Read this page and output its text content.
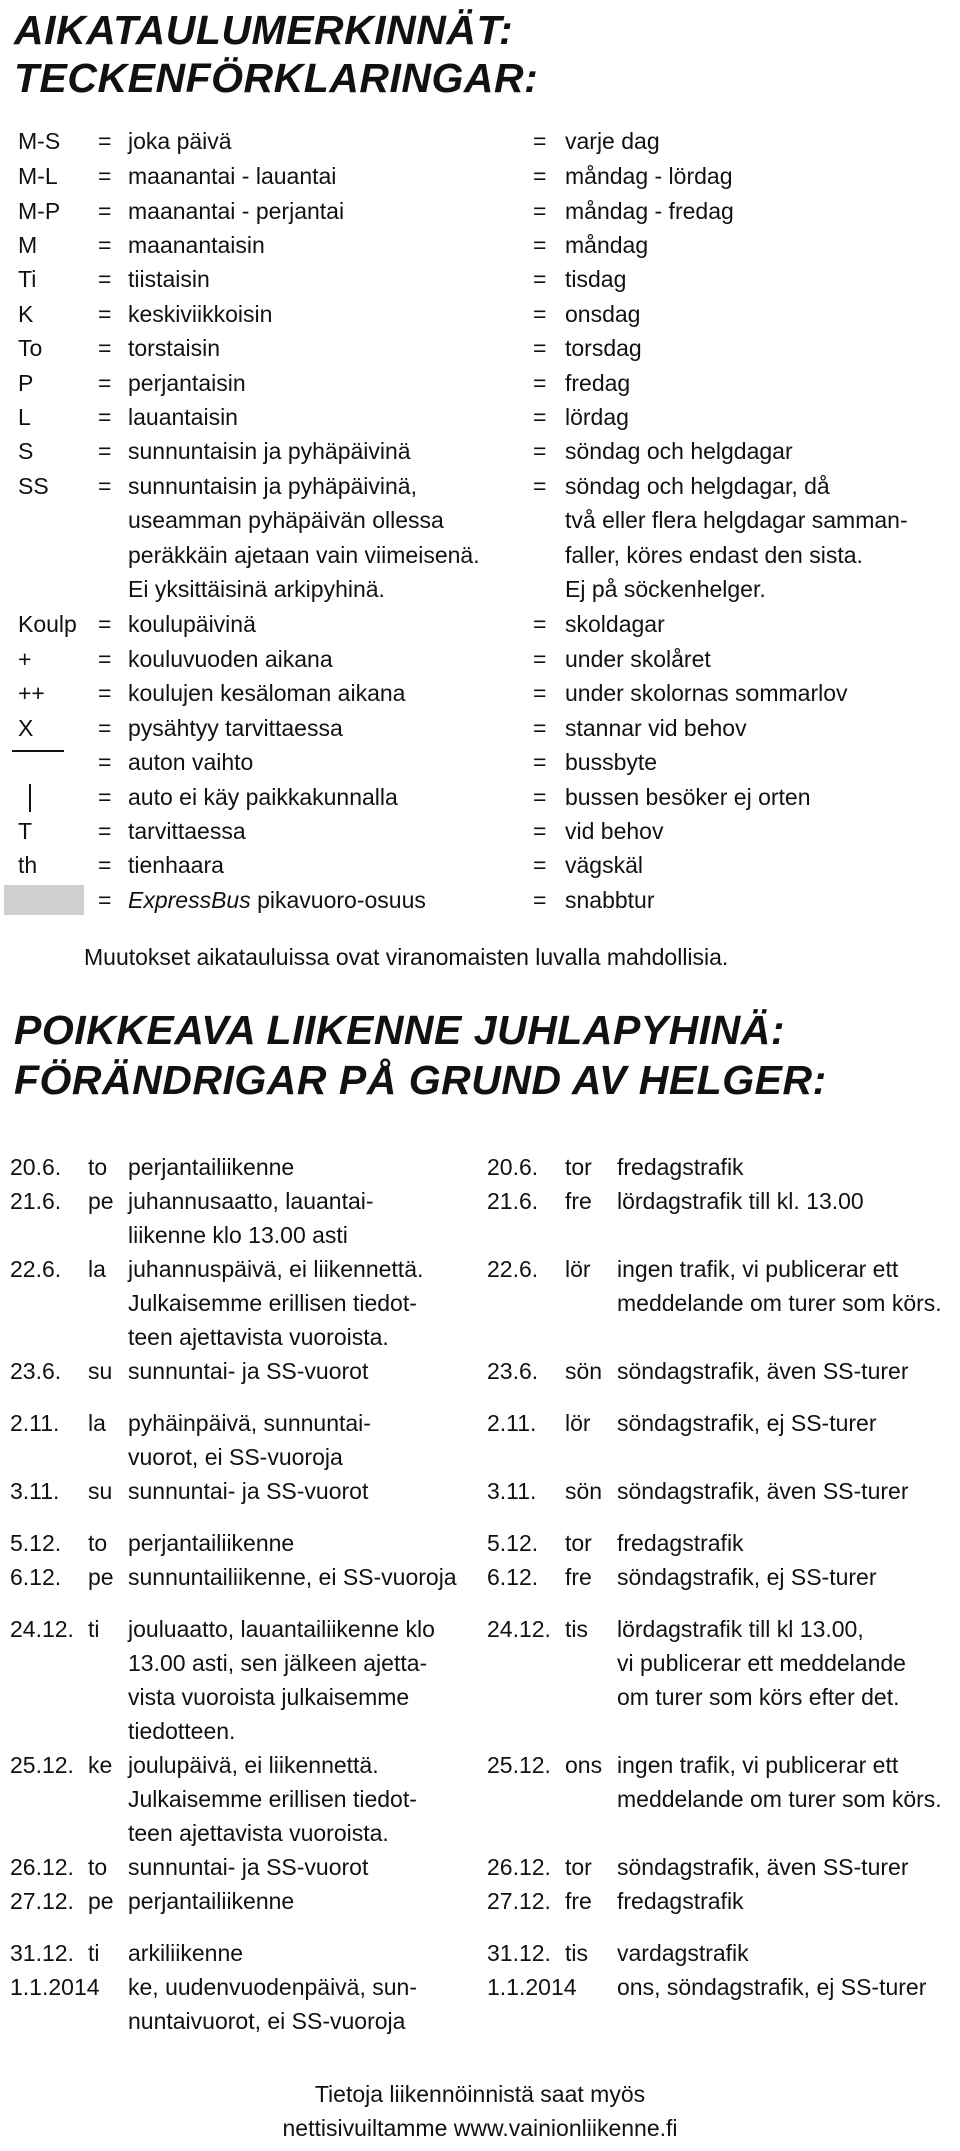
AIKATAULUMERKINNÄT:
TECKENFÖRKLARINGAR:
M-S = joka päivä	= varje dag
M-L = maanantai - lauantai	= måndag - lördag
M-P = maanantai - perjantai	= måndag - fredag
M	= maanantaisin	= måndag
Ti	= tiistaisin	= tisdag
K	= keskiviikkoisin	= onsdag
To = torstaisin	= torsdag
P	= perjantaisin	= fredag
L	= lauantaisin	= lördag
S	= sunnuntaisin ja pyhäpäivinä	= söndag och helgdagar
SS = sunnuntaisin ja pyhäpäivinä,	= söndag och helgdagar, då
useamman pyhäpäivän ollessa	två eller flera helgdagar samman-
peräkkäin ajetaan vain viimeisenä.	faller, köres endast den sista.
Ei yksittäisinä arkipyhinä.	Ej på söckenhelger.
Koulp = koulupäivinä	= skoldagar
+	= kouluvuoden aikana	= under skolåret
++ = koulujen kesäloman aikana	= under skolornas sommarlov
X	= pysähtyy tarvittaessa	= stannar vid behov
= auton vaihto	= bussbyte
= auto ei käy paikkakunnalla	= bussen besöker ej orten
T	= tarvittaessa	= vid behov
th	= tienhaara	= vägskäl
= ExpressBus pikavuoro-osuus	= snabbtur
Muutokset aikatauluissa ovat viranomaisten luvalla mahdollisia.
POIKKEAVA LIIKENNE JUHLAPYHINÄ:
FÖRÄNDRIGAR PÅ GRUND AV HELGER:
20.6. to perjantailiikenne	20.6. tor fredagstrafik
21.6. pe juhannusaatto, lauantai-	21.6. fre lördagstrafik till kl. 13.00
liikenne klo 13.00 asti
22.6. la juhannuspäivä, ei liikennettä.	22.6. lör ingen trafik, vi publicerar ett
Julkaisemme erillisen tiedot-	meddelande om turer som körs.
teen ajettavista vuoroista.
23.6. su sunnuntai- ja SS-vuorot	23.6. sön söndagstrafik, även SS-turer
2.11. la pyhäinpäivä, sunnuntai-	2.11. lör söndagstrafik, ej SS-turer
vuorot, ei SS-vuoroja
3.11. su sunnuntai- ja SS-vuorot	3.11. sön söndagstrafik, även SS-turer
5.12. to perjantailiikenne	5.12. tor fredagstrafik
6.12. pe sunnuntailiikenne, ei SS-vuoroja 6.12. fre söndagstrafik, ej SS-turer
24.12. ti jouluaatto, lauantailiikenne klo 24.12. tis lördagstrafik till kl 13.00,
13.00 asti, sen jälkeen ajetta-	vi publicerar ett meddelande
vista vuoroista julkaisemme	om turer som körs efter det.
tiedotteen.
25.12. ke joulupäivä, ei liikennettä.	25.12. ons ingen trafik, vi publicerar ett
Julkaisemme erillisen tiedot-	meddelande om turer som körs.
teen ajettavista vuoroista.
26.12. to sunnuntai- ja SS-vuorot	26.12. tor söndagstrafik, även SS-turer
27.12. pe perjantailiikenne	27.12. fre fredagstrafik
31.12. ti arkiliikenne	31.12. tis vardagstrafik
1.1.2014 ke, uudenvuodenpäivä, sun-	1.1.2014 ons, söndagstrafik, ej SS-turer
nuntaivuorot, ei SS-vuoroja
Tietoja liikennöinnistä saat myös
nettisivuiltamme www.vainionliikenne.fi
